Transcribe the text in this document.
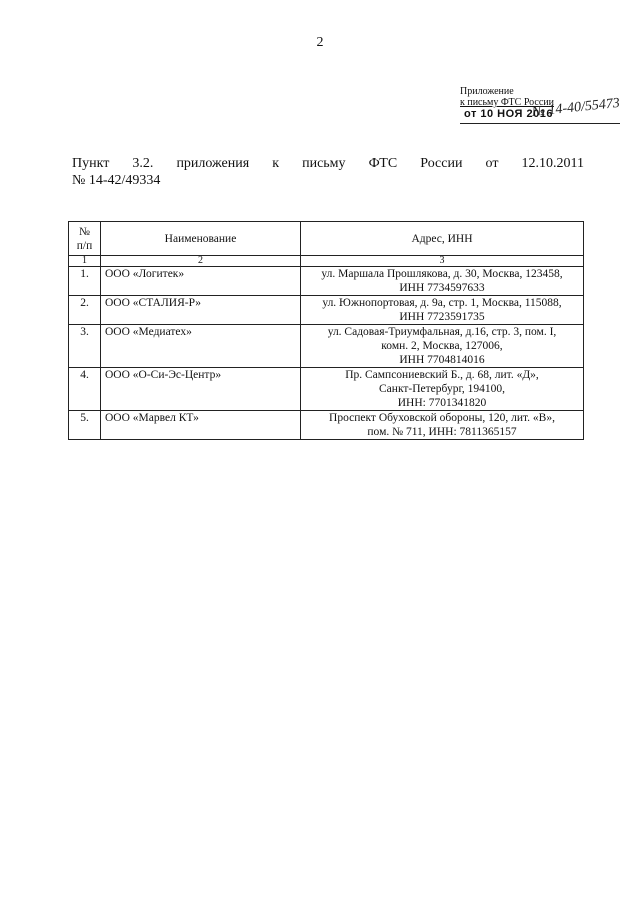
2
Приложение
к письму ФТС России
от 10 НОЯ 2016
№ 14-40/55473
Пункт 3.2. приложения к письму ФТС России от 12.10.2011
№ 14-42/49334
№ п/п	Наименование	Адрес, ИНН
1	2	3
1.	ООО «Логитек»	ул. Маршала Прошлякова, д. 30, Москва, 123458,
ИНН 7734597633

2.	ООО «СТАЛИЯ-Р»	ул. Южнопортовая, д. 9а, стр. 1, Москва, 115088,
ИНН 7723591735

3.	ООО «Медиатех»	ул. Садовая-Триумфальная, д.16, стр. 3, пом. I,
комн. 2, Москва, 127006,
ИНН 7704814016

4.	ООО «О-Си-Эс-Центр»	Пр. Сампсониевский Б., д. 68, лит. «Д»,
Санкт-Петербург, 194100,
ИНН: 7701341820

5.	ООО «Марвел КТ»	Проспект Обуховской обороны, 120, лит. «В»,
пом. № 711, ИНН: 7811365157
